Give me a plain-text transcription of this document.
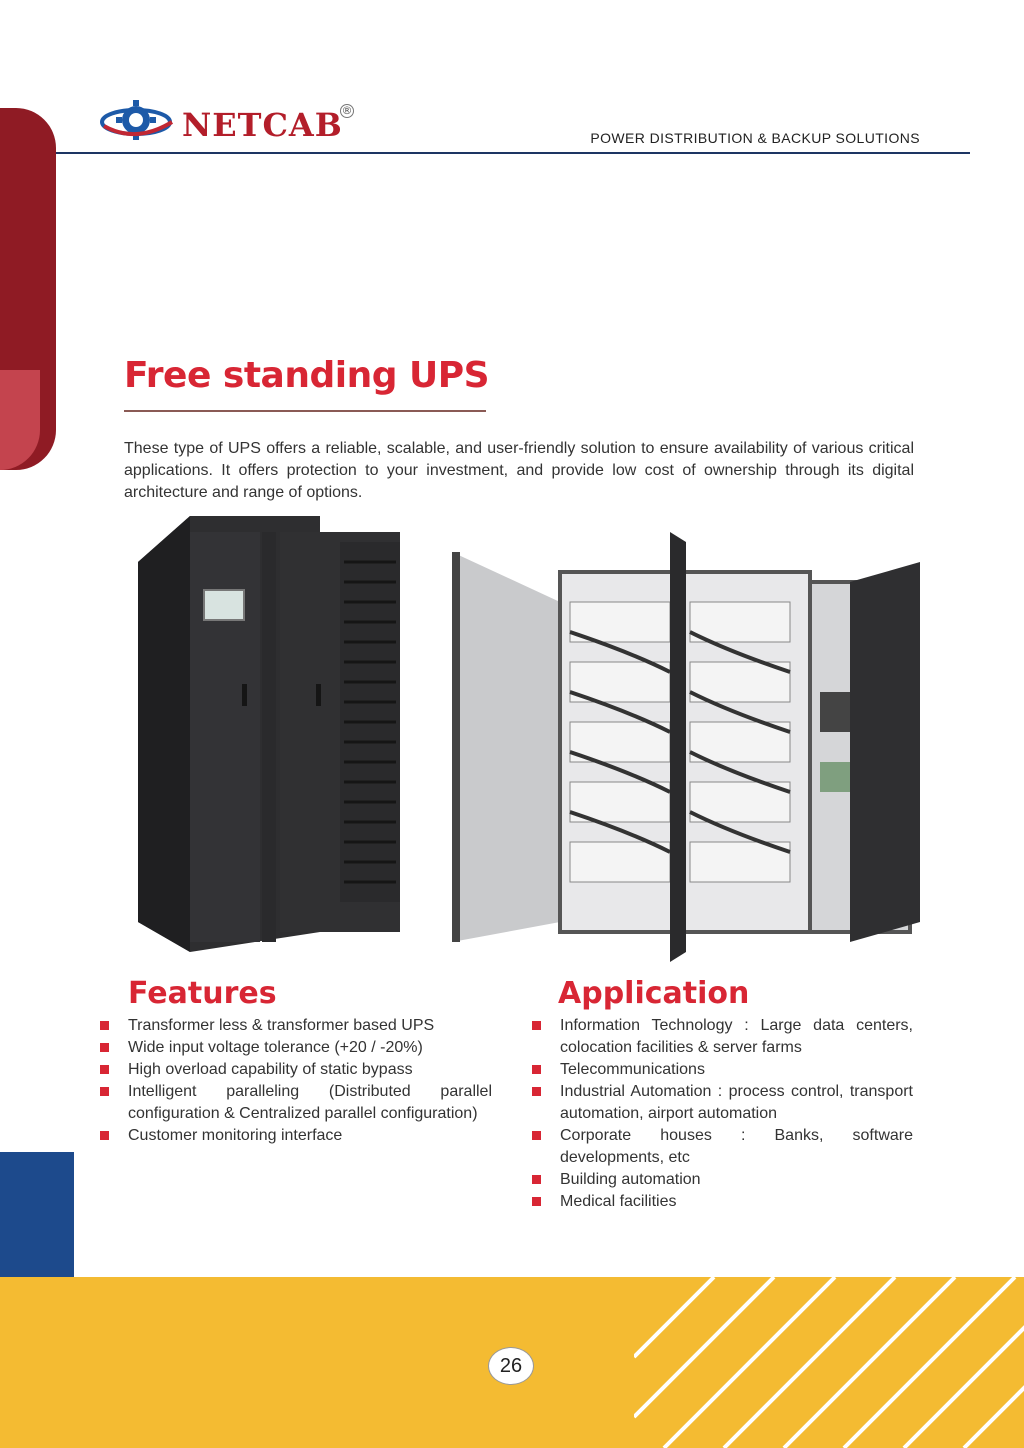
NETCAB
®
POWER DISTRIBUTION & BACKUP SOLUTIONS
Free standing UPS
These type of UPS offers a reliable, scalable, and user-friendly solution to ensure availability of various critical applications. It offers protection to your investment, and provide low cost of ownership through its digital architecture and range of options.
Features	Application
Transformer less & transformer based UPS
Wide input voltage tolerance (+20 / -20%)
High overload capability of static bypass
Intelligent paralleling (Distributed parallel configuration & Centralized parallel configuration)
Customer monitoring interface
Information Technology : Large data centers, colocation facilities & server farms
Telecommunications
Industrial Automation : process control, transport automation, airport automation
Corporate houses : Banks, software developments, etc
Building automation
Medical facilities
26
